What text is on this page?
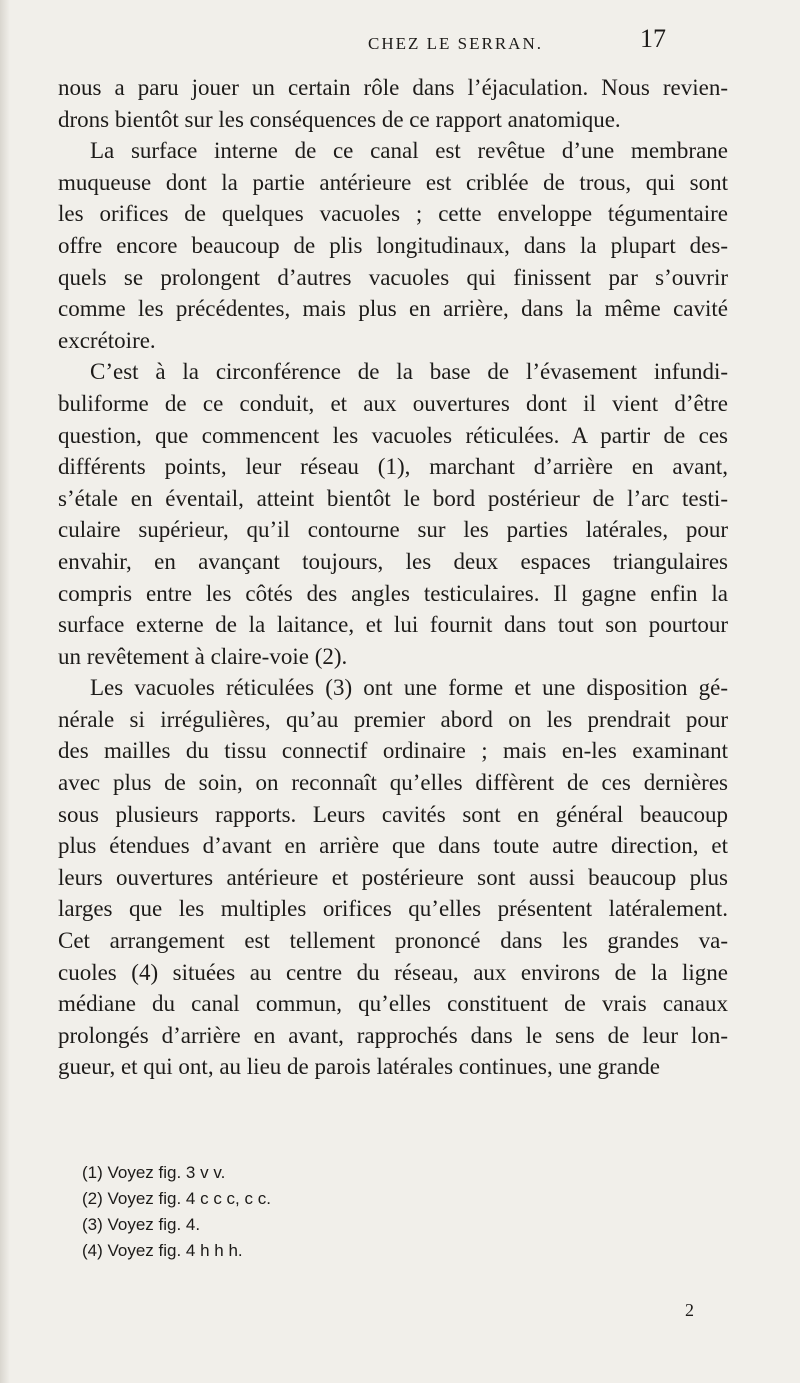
CHEZ LE SERRAN.	17
nous a paru jouer un certain rôle dans l’éjaculation. Nous revien-
drons bientôt sur les conséquences de ce rapport anatomique.
La surface interne de ce canal est revêtue d’une membrane
muqueuse dont la partie antérieure est criblée de trous, qui sont
les orifices de quelques vacuoles ; cette enveloppe tégumentaire
offre encore beaucoup de plis longitudinaux, dans la plupart des-
quels se prolongent d’autres vacuoles qui finissent par s’ouvrir
comme les précédentes, mais plus en arrière, dans la même cavité
excrétoire.
C’est à la circonférence de la base de l’évasement infundi-
buliforme de ce conduit, et aux ouvertures dont il vient d’être
question, que commencent les vacuoles réticulées. A partir de ces
différents points, leur réseau (1), marchant d’arrière en avant,
s’étale en éventail, atteint bientôt le bord postérieur de l’arc testi-
culaire supérieur, qu’il contourne sur les parties latérales, pour
envahir, en avançant toujours, les deux espaces triangulaires
compris entre les côtés des angles testiculaires. Il gagne enfin la
surface externe de la laitance, et lui fournit dans tout son pourtour
un revêtement à claire-voie (2).
Les vacuoles réticulées (3) ont une forme et une disposition gé-
nérale si irrégulières, qu’au premier abord on les prendrait pour
des mailles du tissu connectif ordinaire ; mais en-les examinant
avec plus de soin, on reconnaît qu’elles diffèrent de ces dernières
sous plusieurs rapports. Leurs cavités sont en général beaucoup
plus étendues d’avant en arrière que dans toute autre direction, et
leurs ouvertures antérieure et postérieure sont aussi beaucoup plus
larges que les multiples orifices qu’elles présentent latéralement.
Cet arrangement est tellement prononcé dans les grandes va-
cuoles (4) situées au centre du réseau, aux environs de la ligne
médiane du canal commun, qu’elles constituent de vrais canaux
prolongés d’arrière en avant, rapprochés dans le sens de leur lon-
gueur, et qui ont, au lieu de parois latérales continues, une grande
(1) Voyez fig. 3 v v.
(2) Voyez fig. 4 c c c, c c.
(3) Voyez fig. 4.
(4) Voyez fig. 4 h h h.
2
